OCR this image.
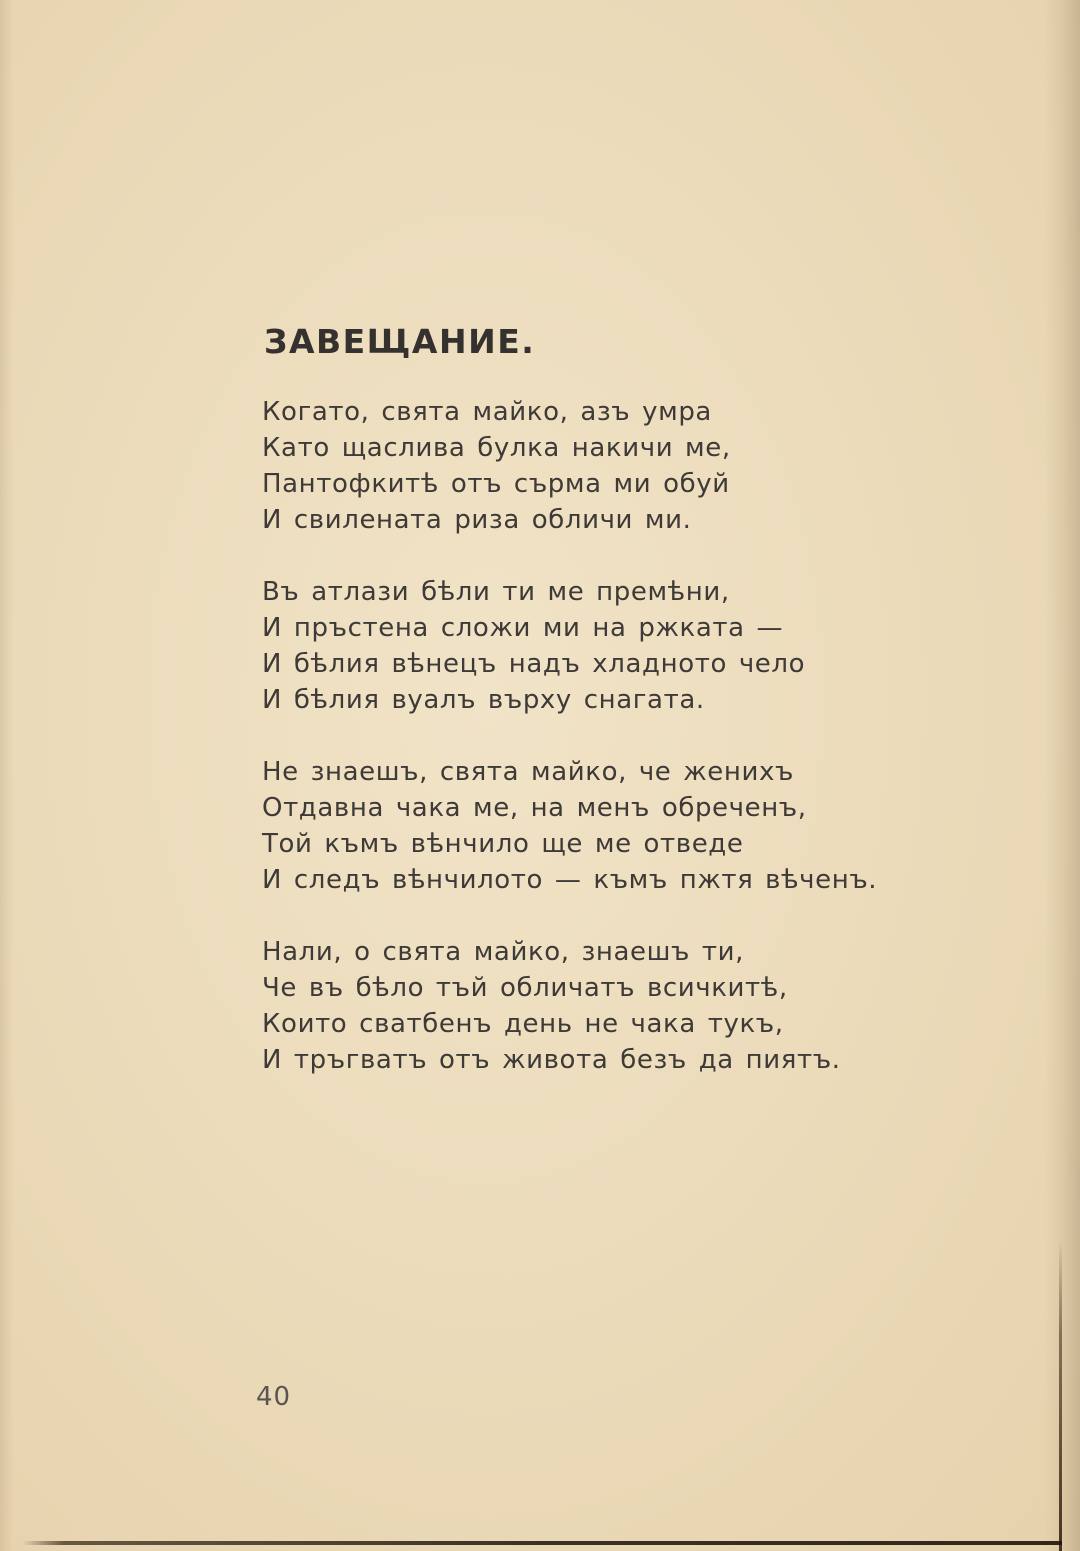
ЗАВЕЩАНИЕ.
Когато, свята майко, азъ умра
Като щаслива булка накичи ме,
Пантофкитѣ отъ сърма ми обуй
И свилената риза обличи ми.
Въ атлази бѣли ти ме премѣни,
И пръстена сложи ми на ржката —
И бѣлия вѣнецъ надъ хладното чело
И бѣлия вуалъ върху снагата.
Не знаешъ, свята майко, че женихъ
Отдавна чака ме, на менъ обреченъ,
Той къмъ вѣнчило ще ме отведе
И следъ вѣнчилото — къмъ пжтя вѣченъ.
Нали, о свята майко, знаешъ ти,
Че въ бѣло тъй обличатъ всичкитѣ,
Които сватбенъ день не чака тукъ,
И тръгватъ отъ живота безъ да пиятъ.
40
